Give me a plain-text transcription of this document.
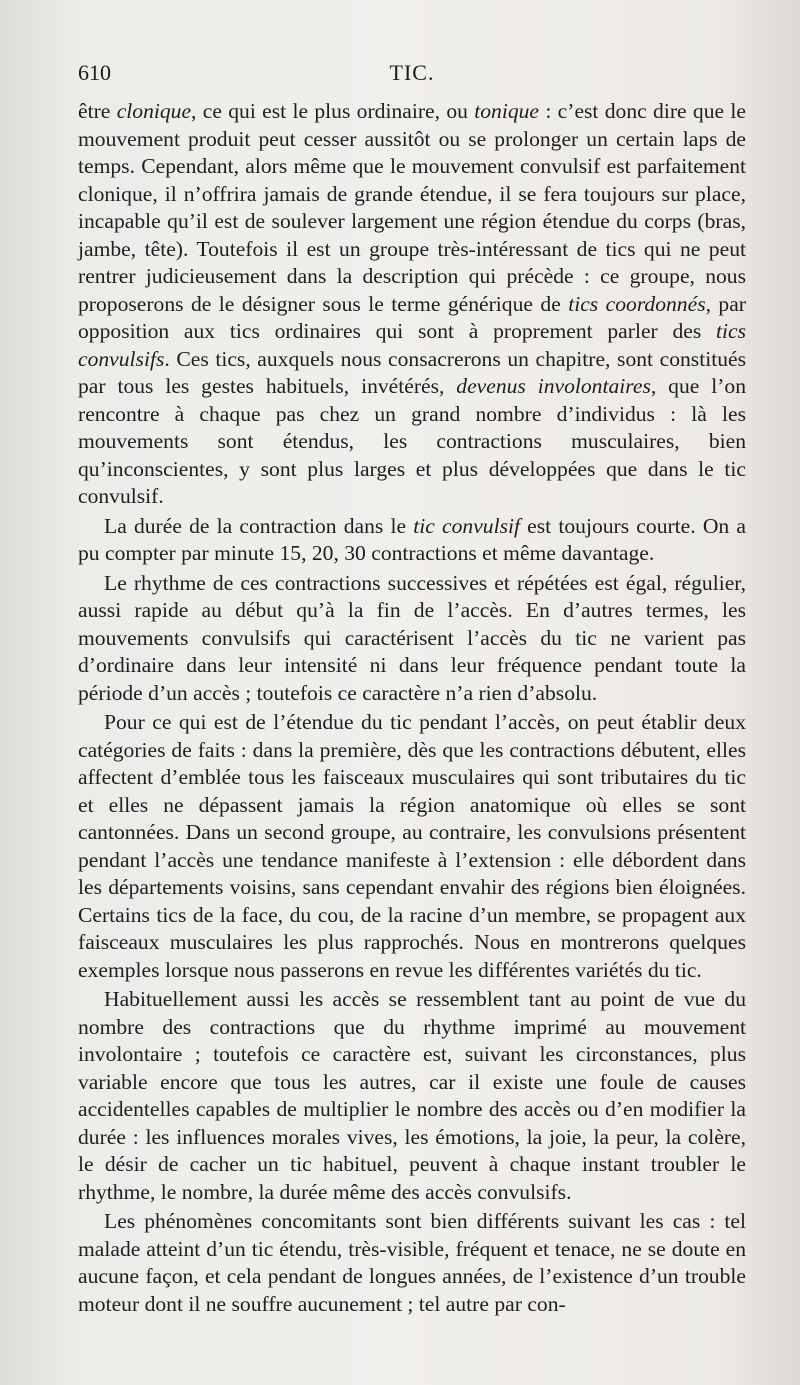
610	TIC.

être clonique, ce qui est le plus ordinaire, ou tonique : c’est donc dire que le mouvement produit peut cesser aussitôt ou se prolonger un certain laps de temps. Cependant, alors même que le mouvement convulsif est parfaitement clonique, il n’offrira jamais de grande étendue, il se fera toujours sur place, incapable qu’il est de soulever largement une région étendue du corps (bras, jambe, tête). Toutefois il est un groupe très-intéressant de tics qui ne peut rentrer judicieusement dans la description qui précède : ce groupe, nous proposerons de le désigner sous le terme générique de tics coordonnés, par opposition aux tics ordinaires qui sont à proprement parler des tics convulsifs. Ces tics, auxquels nous consacrerons un chapitre, sont constitués par tous les gestes habituels, invétérés, devenus involontaires, que l’on rencontre à chaque pas chez un grand nombre d’individus : là les mouvements sont étendus, les contractions musculaires, bien qu’inconscientes, y sont plus larges et plus développées que dans le tic convulsif.

La durée de la contraction dans le tic convulsif est toujours courte. On a pu compter par minute 15, 20, 30 contractions et même davantage.

Le rhythme de ces contractions successives et répétées est égal, régulier, aussi rapide au début qu’à la fin de l’accès. En d’autres termes, les mouvements convulsifs qui caractérisent l’accès du tic ne varient pas d’ordinaire dans leur intensité ni dans leur fréquence pendant toute la période d’un accès ; toutefois ce caractère n’a rien d’absolu.

Pour ce qui est de l’étendue du tic pendant l’accès, on peut établir deux catégories de faits : dans la première, dès que les contractions débutent, elles affectent d’emblée tous les faisceaux musculaires qui sont tributaires du tic et elles ne dépassent jamais la région anatomique où elles se sont cantonnées. Dans un second groupe, au contraire, les convulsions présentent pendant l’accès une tendance manifeste à l’extension : elle débordent dans les départements voisins, sans cependant envahir des régions bien éloignées. Certains tics de la face, du cou, de la racine d’un membre, se propagent aux faisceaux musculaires les plus rapprochés. Nous en montrerons quelques exemples lorsque nous passerons en revue les différentes variétés du tic.

Habituellement aussi les accès se ressemblent tant au point de vue du nombre des contractions que du rhythme imprimé au mouvement involontaire ; toutefois ce caractère est, suivant les circonstances, plus variable encore que tous les autres, car il existe une foule de causes accidentelles capables de multiplier le nombre des accès ou d’en modifier la durée : les influences morales vives, les émotions, la joie, la peur, la colère, le désir de cacher un tic habituel, peuvent à chaque instant troubler le rhythme, le nombre, la durée même des accès convulsifs.

Les phénomènes concomitants sont bien différents suivant les cas : tel malade atteint d’un tic étendu, très-visible, fréquent et tenace, ne se doute en aucune façon, et cela pendant de longues années, de l’existence d’un trouble moteur dont il ne souffre aucunement ; tel autre par con-
